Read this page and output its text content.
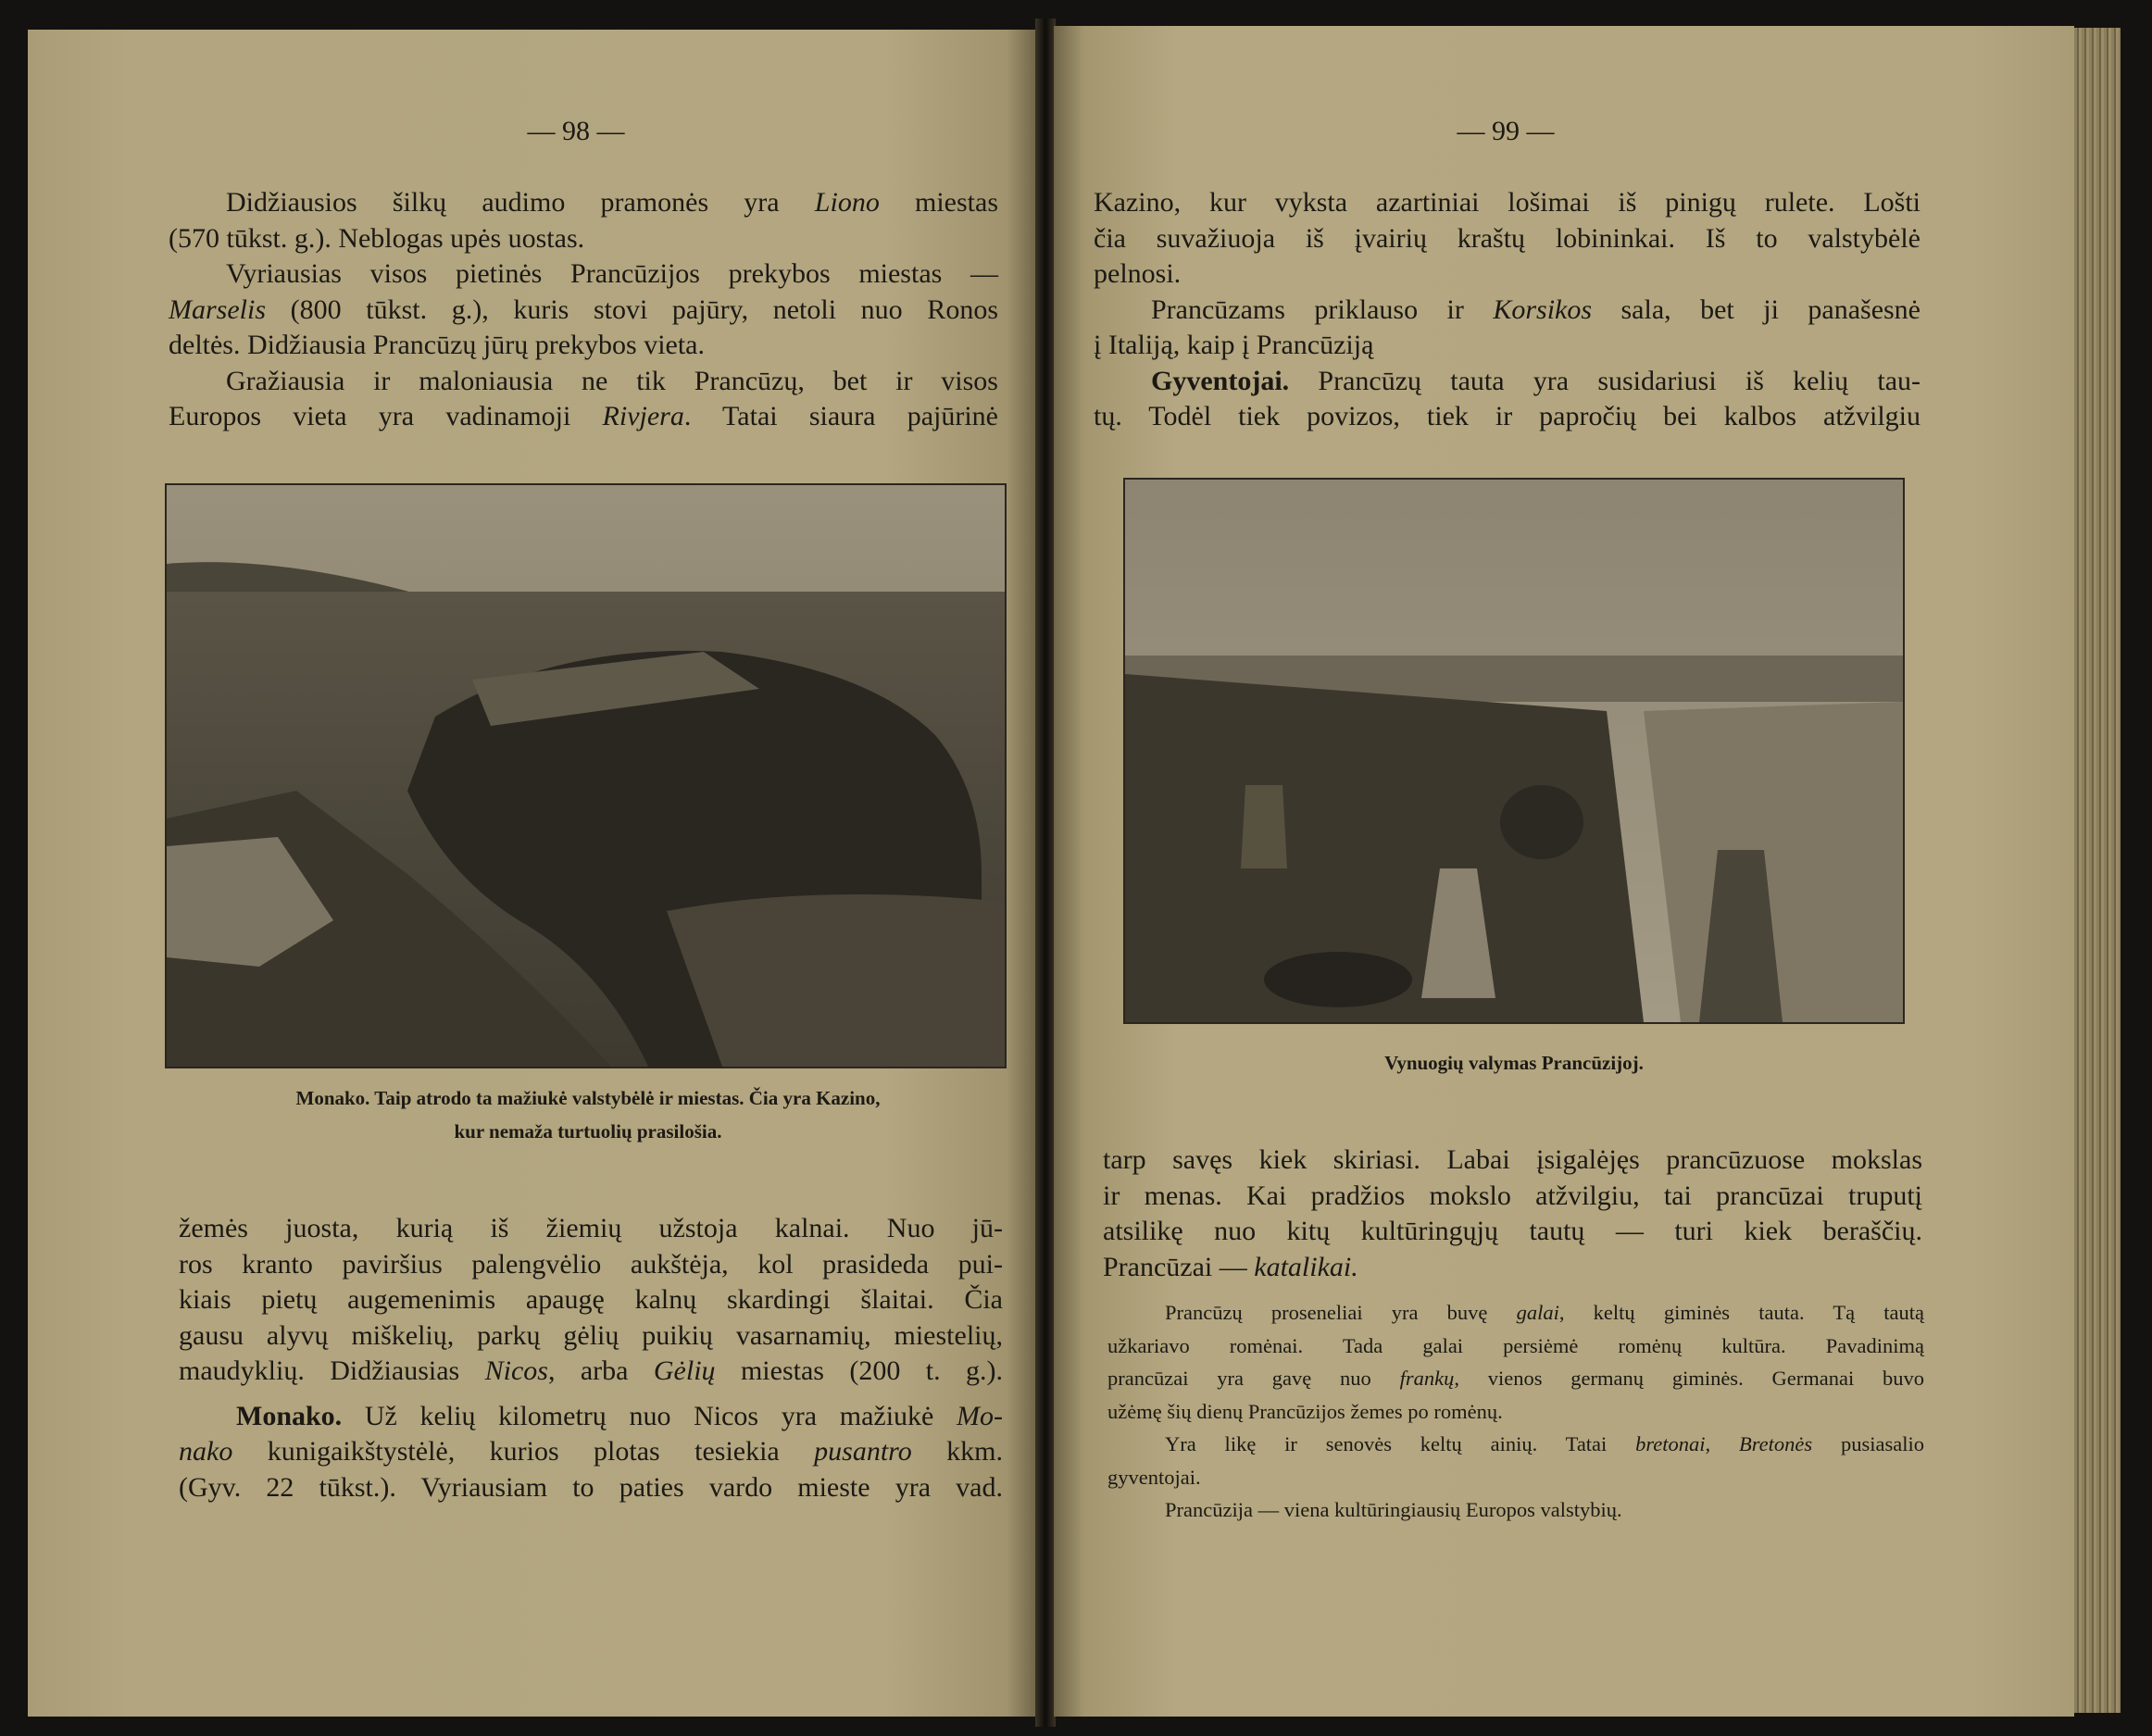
— 98 —	— 99 —
Didžiausios šilkų audimo pramonės yra Liono miestas
(570 tūkst. g.). Neblogas upės uostas.
Vyriausias visos pietinės Prancūzijos prekybos miestas —
Marselis (800 tūkst. g.), kuris stovi pajūry, netoli nuo Ronos
deltės. Didžiausia Prancūzų jūrų prekybos vieta.
Gražiausia ir maloniausia ne tik Prancūzų, bet ir visos
Europos vieta yra vadinamoji Rivjera. Tatai siaura pajūrinė
Monako. Taip atrodo ta mažiukė valstybėlė ir miestas. Čia yra Kazino,
kur nemaža turtuolių prasilošia.
žemės juosta, kurią iš žiemių užstoja kalnai. Nuo jū-
ros kranto paviršius palengvėlio aukštėja, kol prasideda pui-
kiais pietų augemenimis apaugę kalnų skardingi šlaitai. Čia
gausu alyvų miškelių, parkų gėlių puikių vasarnamių, miestelių,
maudyklių. Didžiausias Nicos, arba Gėlių miestas (200 t. g.).
Monako. Už kelių kilometrų nuo Nicos yra mažiukė Mo-
nako kunigaikštystėlė, kurios plotas tesiekia pusantro kkm.
(Gyv. 22 tūkst.). Vyriausiam to paties vardo mieste yra vad.
Kazino, kur vyksta azartiniai lošimai iš pinigų rulete. Lošti
čia suvažiuoja iš įvairių kraštų lobininkai. Iš to valstybėlė
pelnosi.
Prancūzams priklauso ir Korsikos sala, bet ji panašesnė
į Italiją, kaip į Prancūziją
Gyventojai. Prancūzų tauta yra susidariusi iš kelių tau-
tų. Todėl tiek povizos, tiek ir papročių bei kalbos atžvilgiu
Vynuogių valymas Prancūzijoj.
tarp savęs kiek skiriasi. Labai įsigalėjęs prancūzuose mokslas
ir menas. Kai pradžios mokslo atžvilgiu, tai prancūzai truputį
atsilikę nuo kitų kultūringųjų tautų — turi kiek beraščių.
Prancūzai — katalikai.
Prancūzų proseneliai yra buvę galai, keltų giminės tauta. Tą tautą
užkariavo romėnai. Tada galai persiėmė romėnų kultūra. Pavadinimą
prancūzai yra gavę nuo frankų, vienos germanų giminės. Germanai buvo
užėmę šių dienų Prancūzijos žemes po romėnų.
Yra likę ir senovės keltų ainių. Tatai bretonai, Bretonės pusiasalio
gyventojai.
Prancūzija — viena kultūringiausių Europos valstybių.
